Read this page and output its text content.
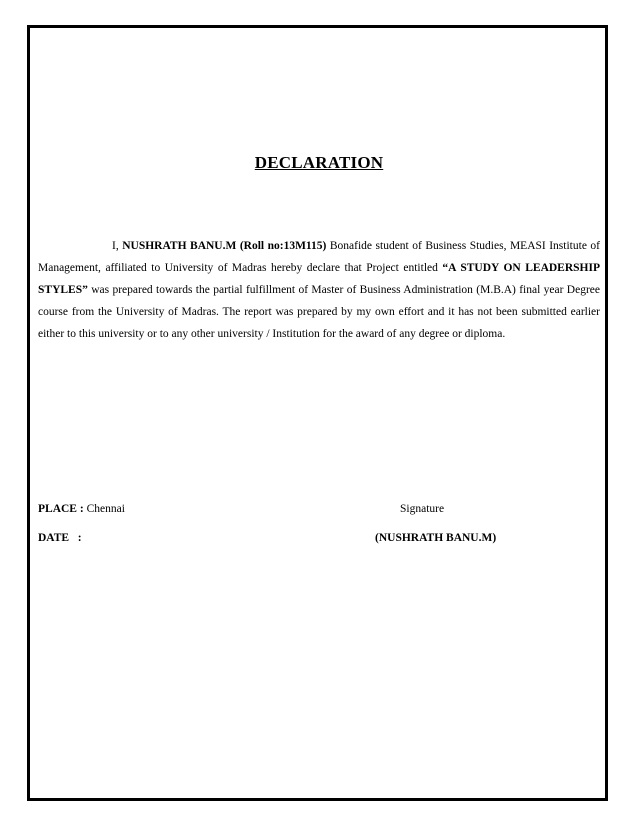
DECLARATION
I, NUSHRATH BANU.M (Roll no:13M115) Bonafide student of Business Studies, MEASI Institute of Management, affiliated to University of Madras hereby declare that Project entitled “A STUDY ON LEADERSHIP STYLES” was prepared towards the partial fulfillment of Master of Business Administration (M.B.A) final year Degree course from the University of Madras. The report was prepared by my own effort and it has not been submitted earlier either to this university or to any other university / Institution for the award of any degree or diploma.
PLACE : Chennai
DATE   :
Signature
(NUSHRATH BANU.M)
